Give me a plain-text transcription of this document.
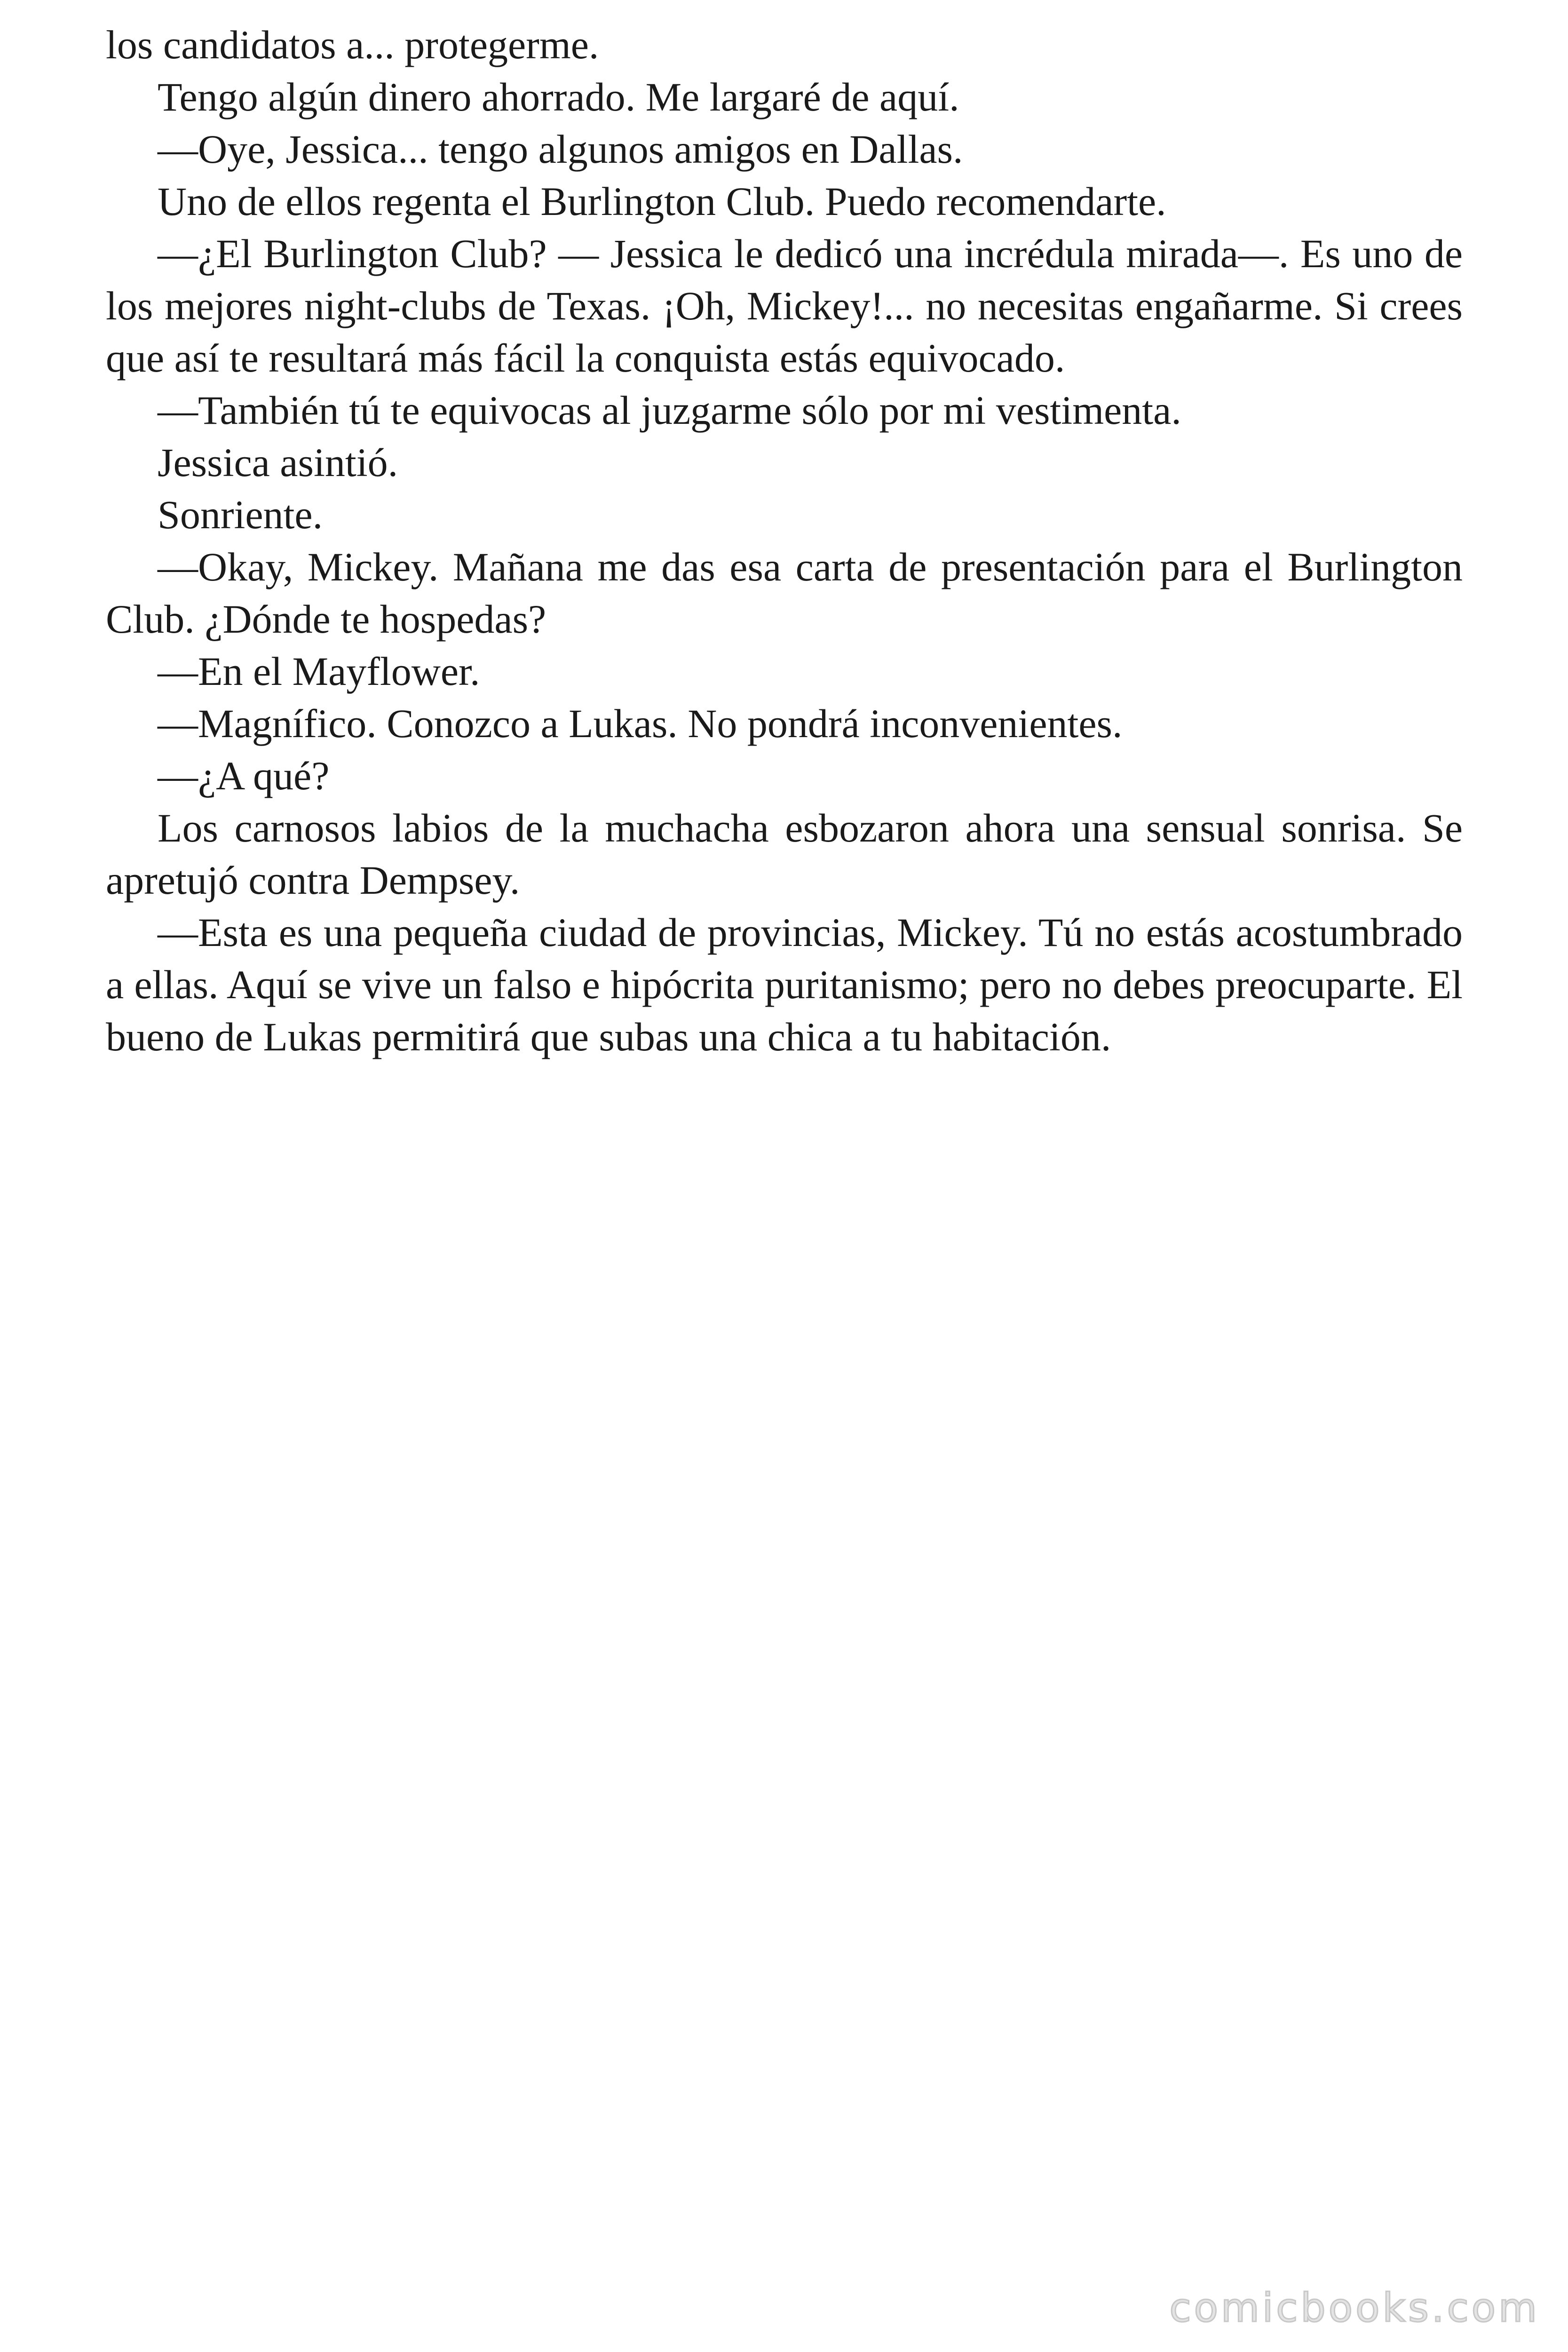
los candidatos a... protegerme.

Tengo algún dinero ahorrado. Me largaré de aquí.

—Oye, Jessica... tengo algunos amigos en Dallas.

Uno de ellos regenta el Burlington Club. Puedo recomendarte.

—¿El Burlington Club? — Jessica le dedicó una incrédula mirada—. Es uno de los mejores night-clubs de Texas. ¡Oh, Mickey!... no necesitas engañarme. Si crees que así te resultará más fácil la conquista estás equivocado.

—También tú te equivocas al juzgarme sólo por mi vestimenta.

Jessica asintió.

Sonriente.

—Okay, Mickey. Mañana me das esa carta de presentación para el Burlington Club. ¿Dónde te hospedas?

—En el Mayflower.

—Magnífico. Conozco a Lukas. No pondrá inconvenientes.

—¿A qué?

Los carnosos labios de la muchacha esbozaron ahora una sensual sonrisa. Se apretujó contra Dempsey.

—Esta es una pequeña ciudad de provincias, Mickey. Tú no estás acostumbrado a ellas. Aquí se vive un falso e hipócrita puritanismo; pero no debes preocuparte. El bueno de Lukas permitirá que subas una chica a tu habitación.

comicbooks.com
